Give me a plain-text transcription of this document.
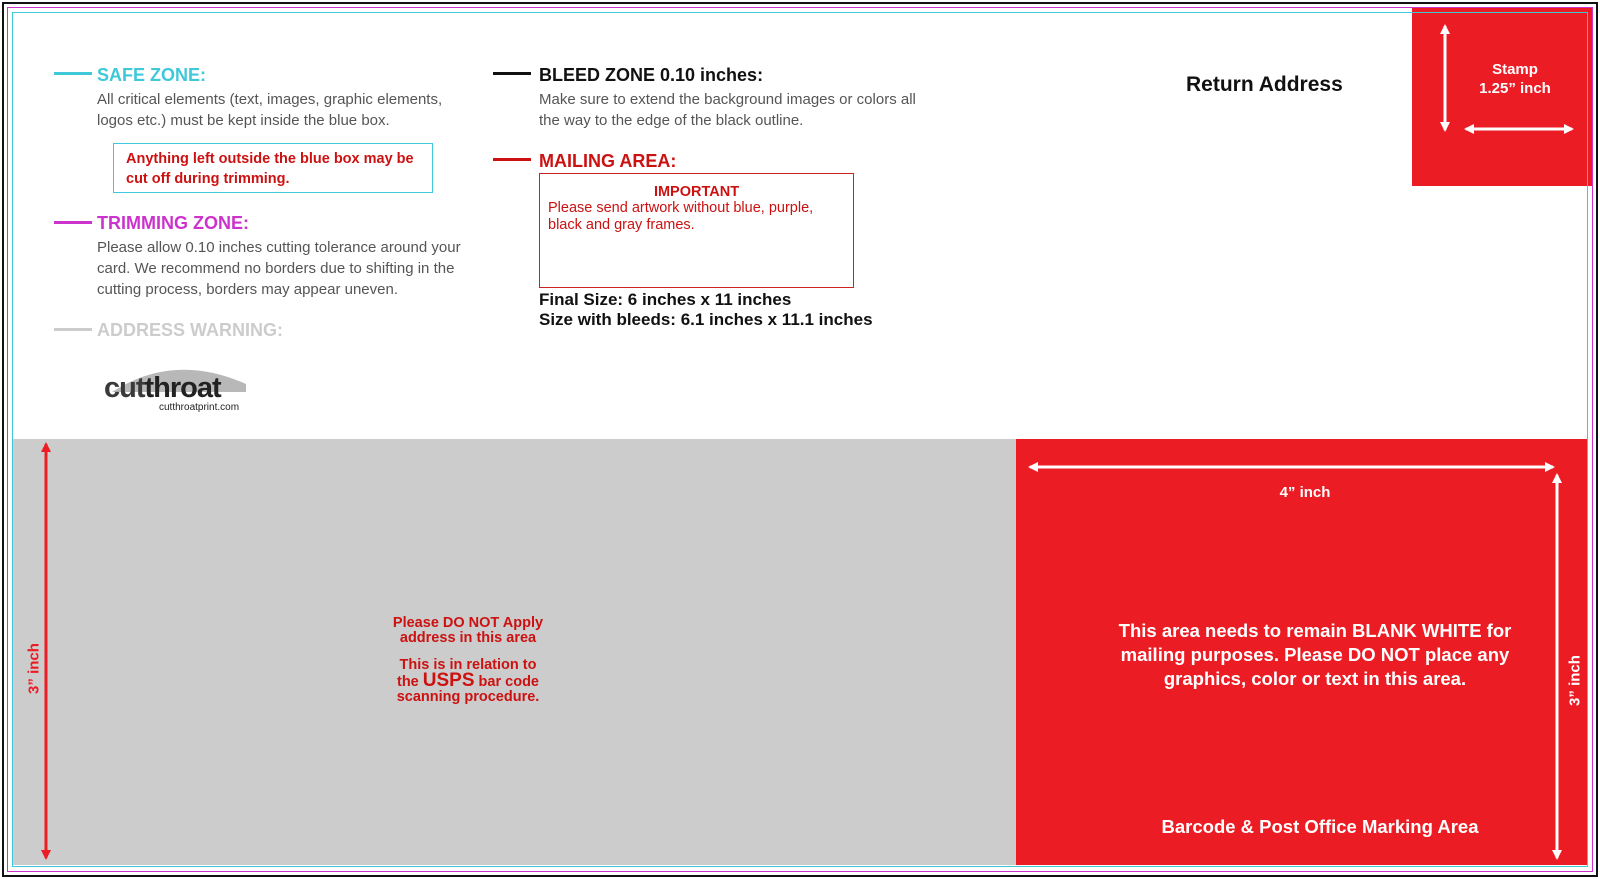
SAFE ZONE:
All critical elements (text, images, graphic elements, logos etc.) must be kept inside the blue box.
Anything left outside the blue box may be cut off during trimming.
TRIMMING ZONE:
Please allow 0.10 inches cutting tolerance around your card. We recommend no borders due to shifting in the cutting process, borders may appear uneven.
ADDRESS WARNING:
cutthroat
cutthroatprint.com
BLEED ZONE 0.10 inches:
Make sure to extend the background images or colors all the way to the edge of the black outline.
MAILING AREA:
IMPORTANT
Please send artwork without blue, purple, black and gray frames.
Final Size: 6 inches x 11 inches
Size with bleeds: 6.1 inches x 11.1 inches
Return Address
Stamp
1.25” inch
Please DO NOT Apply
address in this area
This is in relation to
the USPS bar code
scanning procedure.
4” inch
This area needs to remain BLANK WHITE for mailing purposes. Please DO NOT place any graphics, color or text in this area.
Barcode & Post Office Marking Area
3” inch	3” inch
